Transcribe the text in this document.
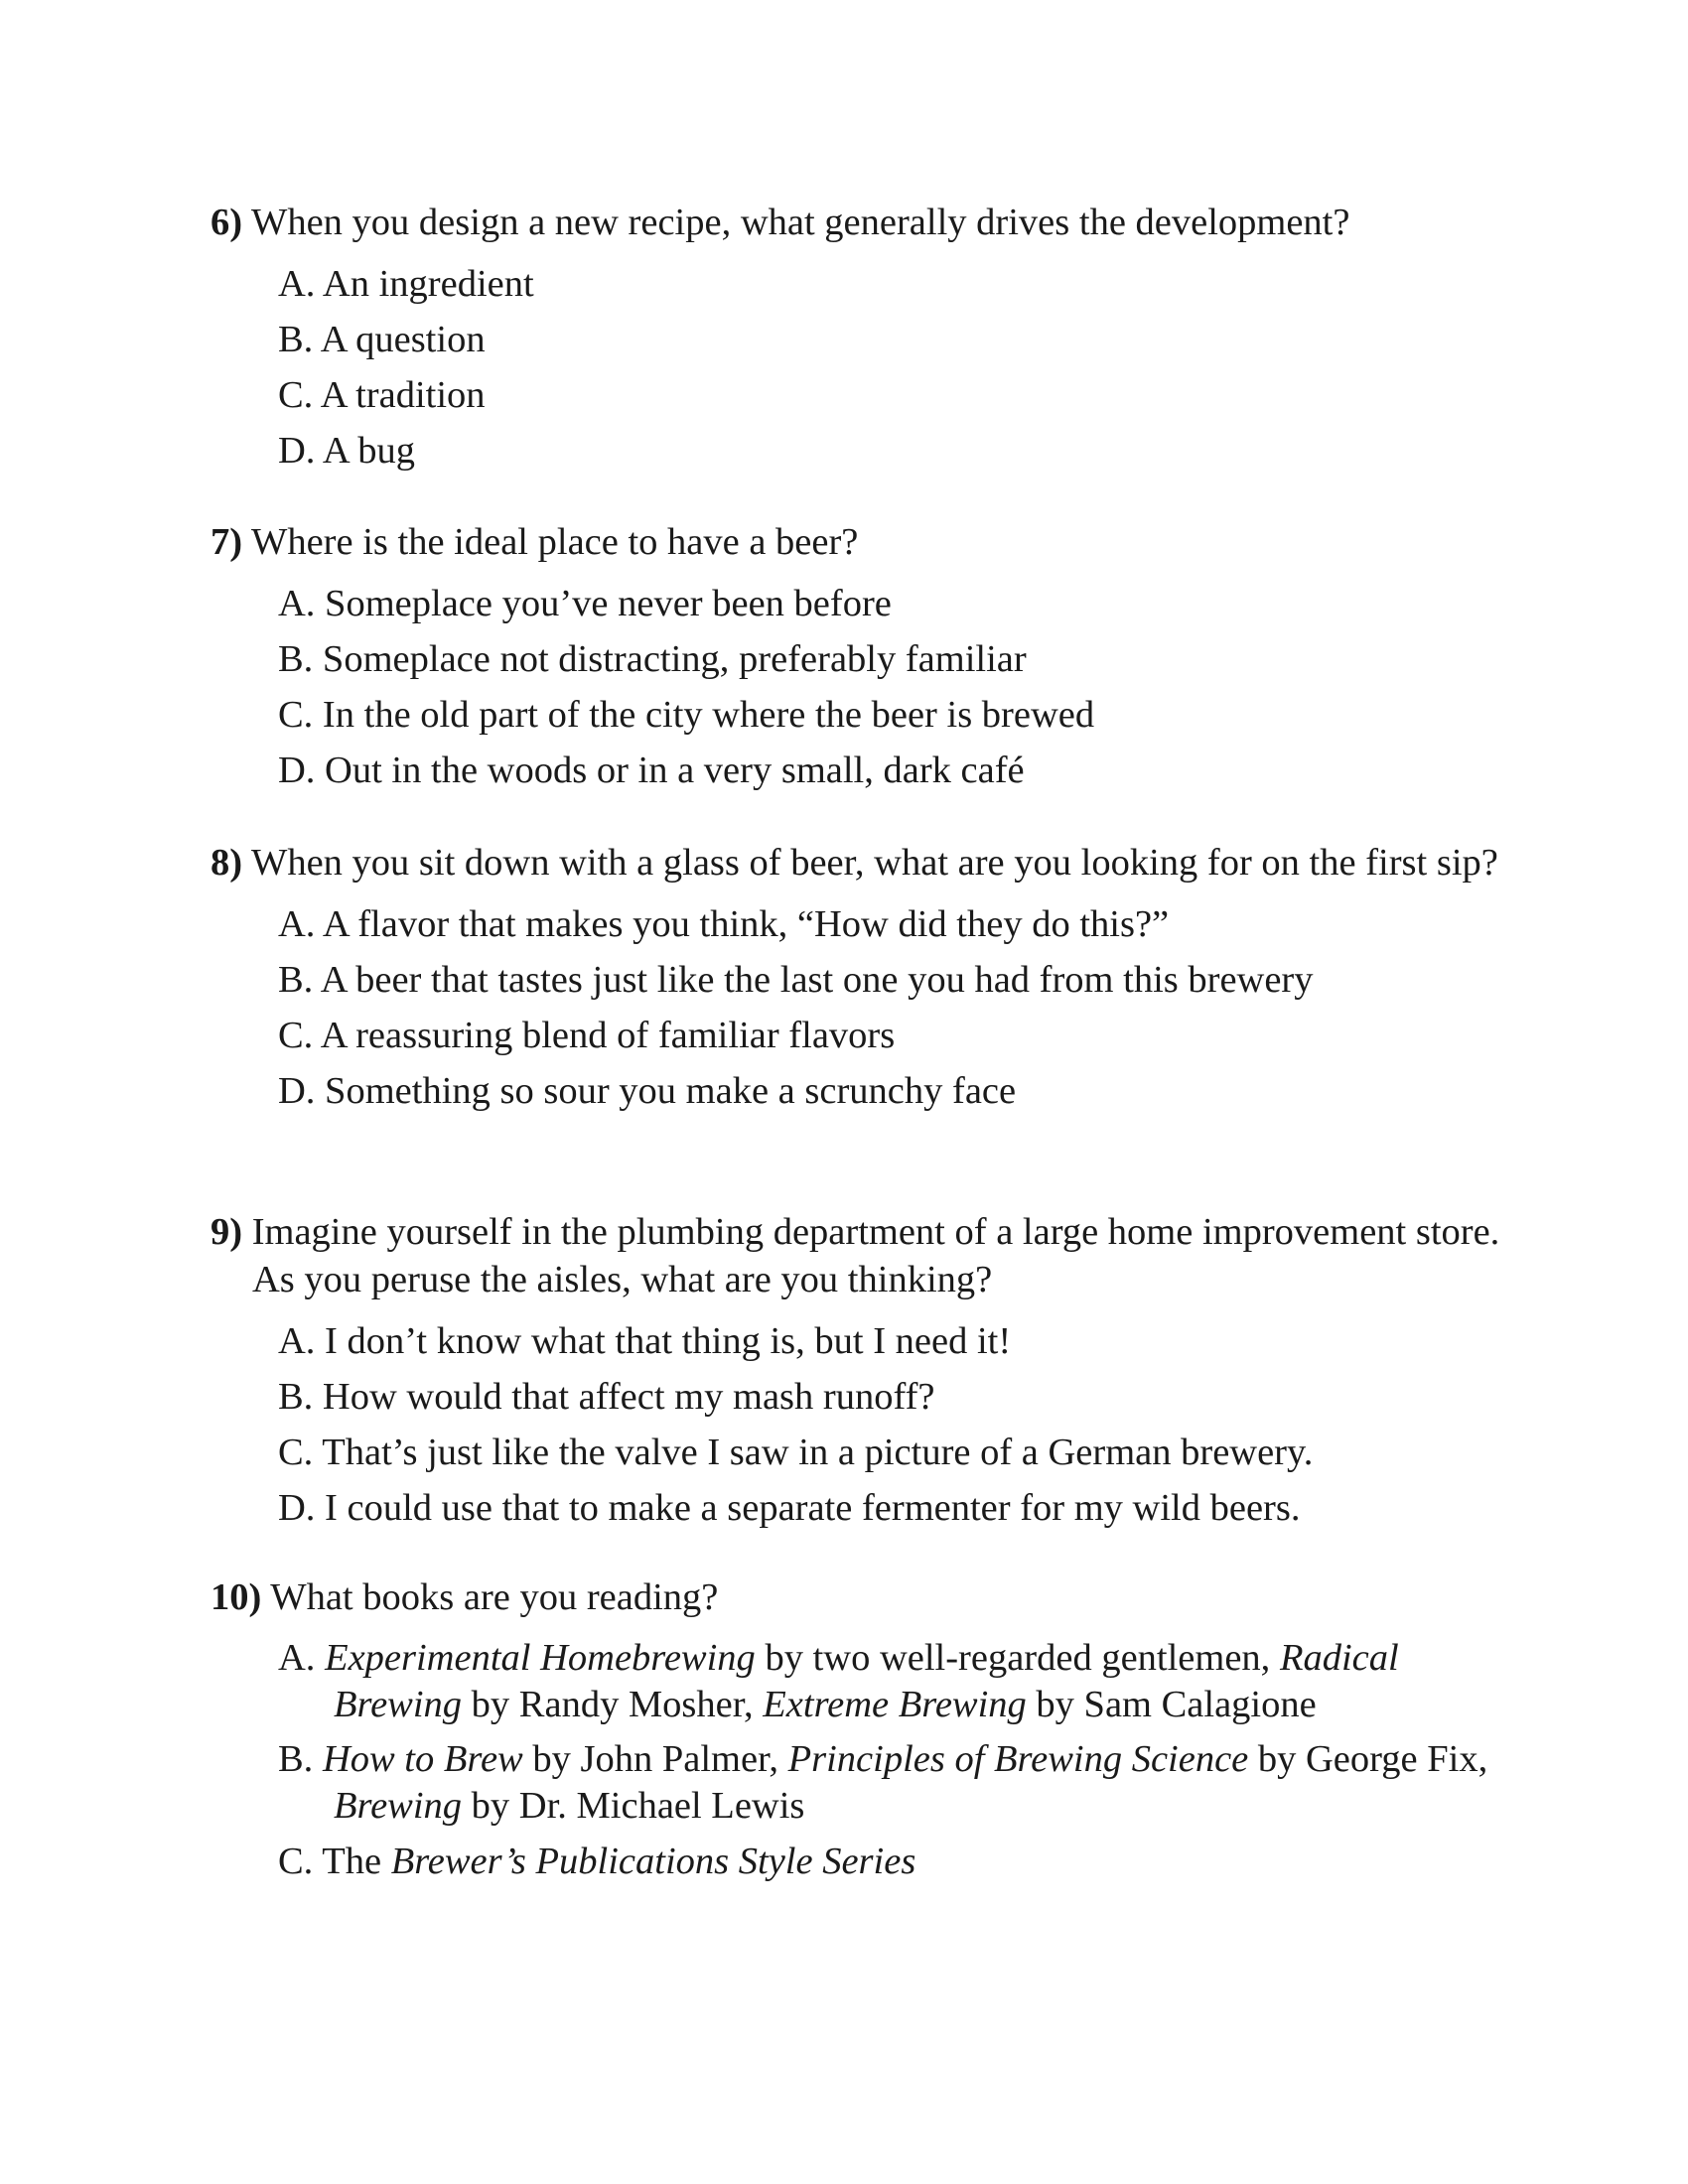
6) When you design a new recipe, what generally drives the development?
A. An ingredient
B. A question
C. A tradition
D. A bug
7) Where is the ideal place to have a beer?
A. Someplace you’ve never been before
B. Someplace not distracting, preferably familiar
C. In the old part of the city where the beer is brewed
D. Out in the woods or in a very small, dark café
8) When you sit down with a glass of beer, what are you looking for on the first sip?
A. A flavor that makes you think, “How did they do this?”
B. A beer that tastes just like the last one you had from this brewery
C. A reassuring blend of familiar flavors
D. Something so sour you make a scrunchy face
9) Imagine yourself in the plumbing department of a large home improvement store. As you peruse the aisles, what are you thinking?
A. I don’t know what that thing is, but I need it!
B. How would that affect my mash runoff?
C. That’s just like the valve I saw in a picture of a German brewery.
D. I could use that to make a separate fermenter for my wild beers.
10) What books are you reading?
A. Experimental Homebrewing by two well-regarded gentlemen, Radical Brewing by Randy Mosher, Extreme Brewing by Sam Calagione
B. How to Brew by John Palmer, Principles of Brewing Science by George Fix, Brewing by Dr. Michael Lewis
C. The Brewer’s Publications Style Series
